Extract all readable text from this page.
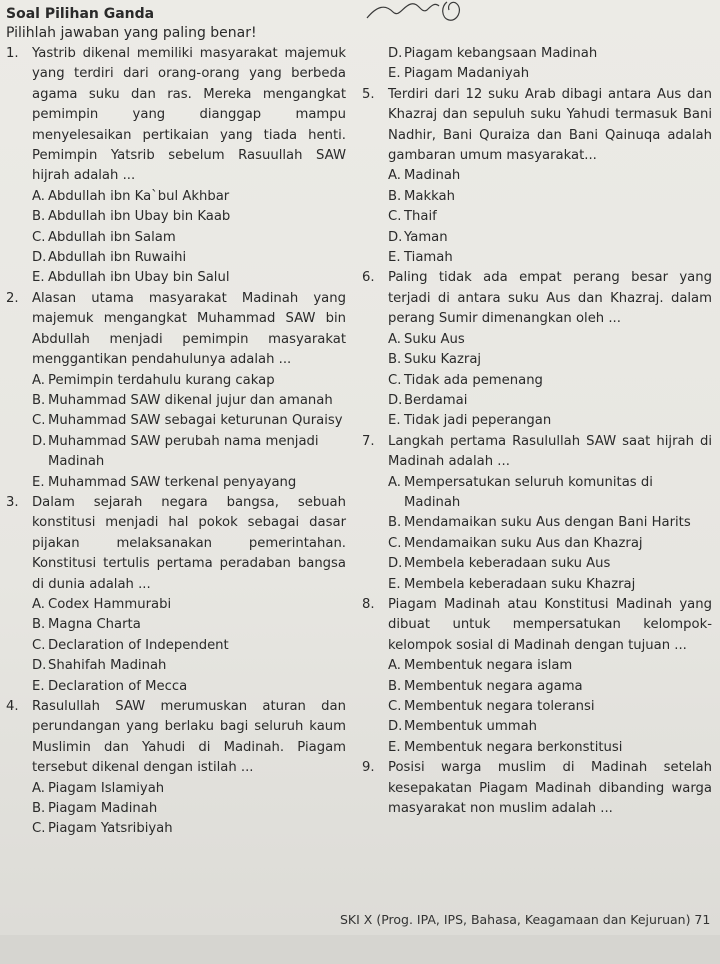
Soal Pilihan Ganda
Pilihlah jawaban yang paling benar!
1.	Yastrib dikenal memiliki masyarakat majemuk yang terdiri dari orang-orang yang berbeda agama suku dan ras. Mereka mengangkat pemimpin yang dianggap mampu menyelesaikan pertikaian yang tiada henti. Pemimpin Yatsrib sebelum Rasuullah SAW hijrah adalah ...
A. Abdullah ibn Ka`bul Akhbar
B. Abdullah ibn Ubay bin Kaab
C. Abdullah ibn Salam
D. Abdullah ibn Ruwaihi
E. Abdullah ibn Ubay bin Salul
2.	Alasan utama masyarakat Madinah yang majemuk mengangkat Muhammad SAW bin Abdullah menjadi pemimpin masyarakat menggantikan pendahulunya adalah ...
A. Pemimpin terdahulu kurang cakap
B. Muhammad SAW dikenal jujur dan amanah
C. Muhammad SAW sebagai keturunan Quraisy
D. Muhammad SAW perubah nama menjadi Madinah
E. Muhammad SAW terkenal penyayang
3.	Dalam sejarah negara bangsa, sebuah konstitusi menjadi hal pokok sebagai dasar pijakan melaksanakan pemerintahan. Konstitusi tertulis pertama peradaban bangsa di dunia adalah ...
A. Codex Hammurabi
B. Magna Charta
C. Declaration of Independent
D. Shahifah Madinah
E. Declaration of Mecca
4.	Rasulullah SAW merumuskan aturan dan perundangan yang berlaku bagi seluruh kaum Muslimin dan Yahudi di Madinah. Piagam tersebut dikenal dengan istilah ...
A. Piagam Islamiyah
B. Piagam Madinah
C. Piagam Yatsribiyah
D. Piagam kebangsaan Madinah
E. Piagam Madaniyah
5.	Terdiri dari 12 suku Arab dibagi antara Aus dan Khazraj dan sepuluh suku Yahudi termasuk Bani Nadhir, Bani Quraiza dan Bani Qainuqa adalah gambaran umum masyarakat...
A. Madinah
B. Makkah
C. Thaif
D. Yaman
E. Tiamah
6.	Paling tidak ada empat perang besar yang terjadi di antara suku Aus dan Khazraj. dalam perang Sumir dimenangkan oleh ...
A. Suku Aus
B. Suku Kazraj
C. Tidak ada pemenang
D. Berdamai
E. Tidak jadi peperangan
7.	Langkah pertama Rasulullah SAW saat hijrah di Madinah adalah ...
A. Mempersatukan seluruh komunitas di Madinah
B. Mendamaikan suku Aus dengan Bani Harits
C. Mendamaikan suku Aus dan Khazraj
D. Membela keberadaan suku Aus
E. Membela keberadaan suku Khazraj
8.	Piagam Madinah atau Konstitusi Madinah yang dibuat untuk mempersatukan kelompok-kelompok sosial di Madinah dengan tujuan ...
A. Membentuk negara islam
B. Membentuk negara agama
C. Membentuk negara toleransi
D. Membentuk ummah
E. Membentuk negara berkonstitusi
9.	Posisi warga muslim di Madinah setelah kesepakatan Piagam Madinah dibanding warga masyarakat non muslim adalah ...
SKI X (Prog. IPA, IPS, Bahasa, Keagamaan dan Kejuruan) 71
